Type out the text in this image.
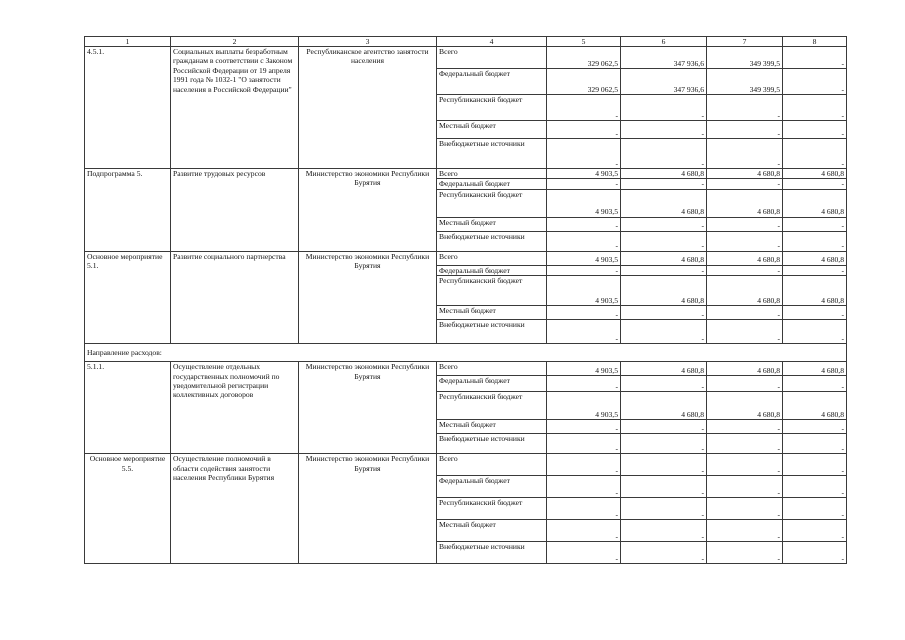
1	2	3	4	5	6	7	8
4.5.1.	Социальных выплаты безработным гражданам в соответствии с Законом Российской Федерации от 19 апреля 1991 года № 1032-1 "О занятости населения в Российской Федерации"	Республиканское агентство занятости населения	Всего	329 062,5	347 936,6	349 399,5	-
			Федеральный бюджет	329 062,5	347 936,6	349 399,5	-
			Республиканский бюджет	-	-	-	-
			Местный бюджет	-	-	-	-
			Внебюджетные источники	-	-	-	-
Подпрограмма 5.	Развитие трудовых ресурсов	Министерство экономики Республики Бурятия	Всего	4 903,5	4 680,8	4 680,8	4 680,8
			Федеральный бюджет	-	-	-	-
			Республиканский бюджет	4 903,5	4 680,8	4 680,8	4 680,8
			Местный бюджет	-	-	-	-
			Внебюджетные источники	-	-	-	-
Основное мероприятие 5.1.	Развитие социального партнерства	Министерство экономики Республики Бурятия	Всего	4 903,5	4 680,8	4 680,8	4 680,8
			Федеральный бюджет	-	-	-	-
			Республиканский бюджет	4 903,5	4 680,8	4 680,8	4 680,8
			Местный бюджет	-	-	-	-
			Внебюджетные источники	-	-	-	-
Направление расходов:							
5.1.1.	Осуществление отдельных государственных полномочий по уведомительной регистрации коллективных договоров	Министерство экономики Республики Бурятия	Всего	4 903,5	4 680,8	4 680,8	4 680,8
			Федеральный бюджет	-	-	-	-
			Республиканский бюджет	4 903,5	4 680,8	4 680,8	4 680,8
			Местный бюджет	-	-	-	-
			Внебюджетные источники	-	-	-	-
Основное мероприятие 5.5.	Осуществление полномочий в области содействия занятости населения Республики Бурятия	Министерство экономики Республики Бурятия	Всего	-	-	-	-
			Федеральный бюджет	-	-	-	-
			Республиканский бюджет	-	-	-	-
			Местный бюджет	-	-	-	-
			Внебюджетные источники	-	-	-	-
